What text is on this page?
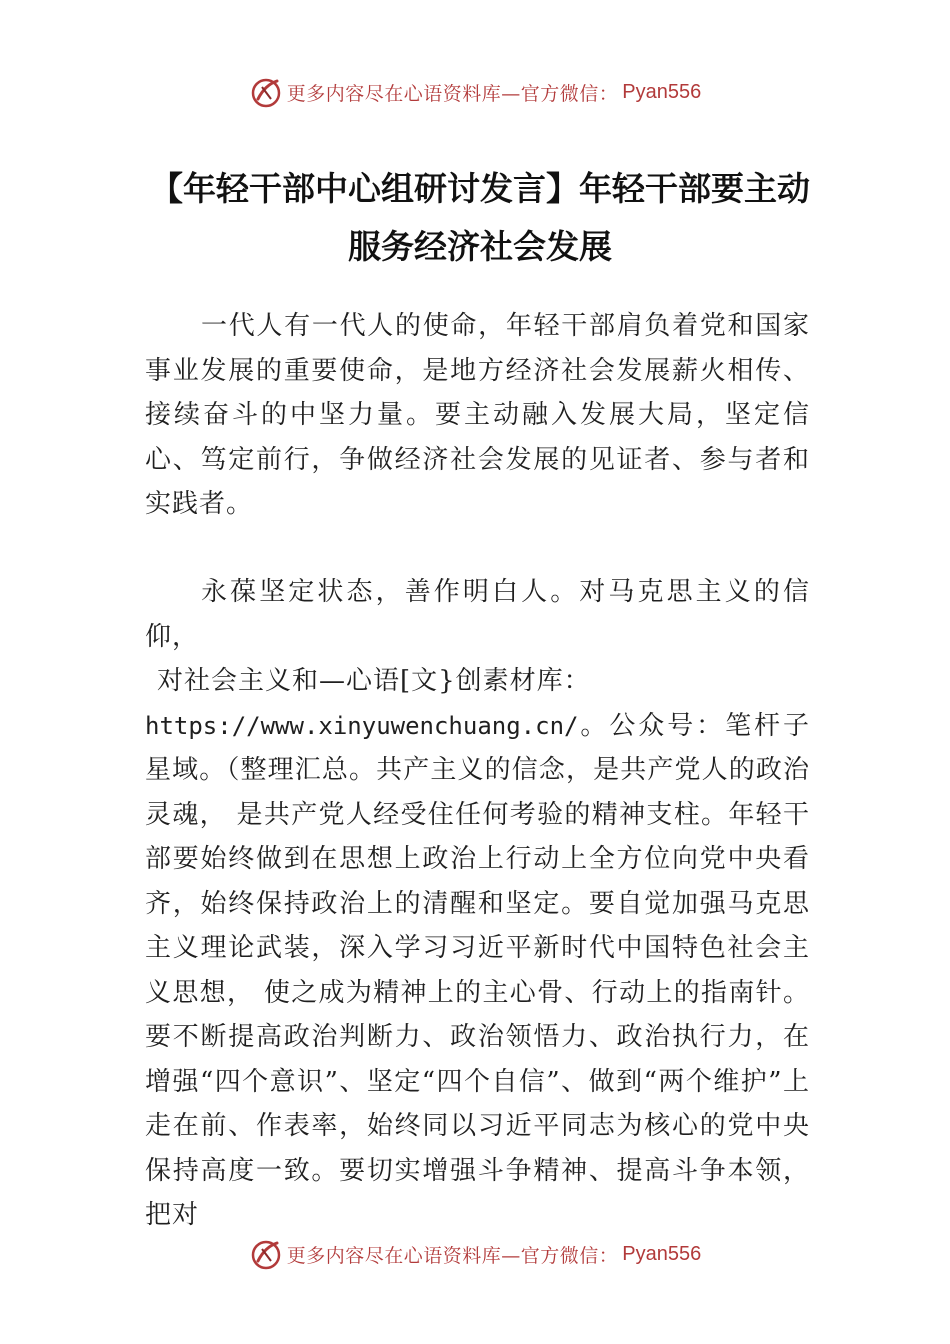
更多内容尽在心语资料库—官方微信： Pyan556
【年轻干部中心组研讨发言】年轻干部要主动服务经济社会发展

一代人有一代人的使命，年轻干部肩负着党和国家事业发展的重要使命，是地方经济社会发展薪火相传、接续奋斗的中坚力量。要主动融入发展大局，坚定信心、笃定前行，争做经济社会发展的见证者、参与者和实践者。

永葆坚定状态，善作明白人。对马克思主义的信仰，
对社会主义和—心语[文}创素材库：
https://www.xinyuwenchuang.cn/。公众号：笔杆子星域。（整理汇总。共产主义的信念，是共产党人的政治灵魂， 是共产党人经受住任何考验的精神支柱。年轻干部要始终做到在思想上政治上行动上全方位向党中央看齐，始终保持政治上的清醒和坚定。要自觉加强马克思主义理论武装，深入学习习近平新时代中国特色社会主义思想， 使之成为精神上的主心骨、行动上的指南针。要不断提高政治判断力、政治领悟力、政治执行力，在增强“四个意识”、坚定“四个自信”、做到“两个维护”上走在前、作表率，始终同以习近平同志为核心的党中央保持高度一致。要切实增强斗争精神、提高斗争本领，把对

更多内容尽在心语资料库—官方微信： Pyan556
